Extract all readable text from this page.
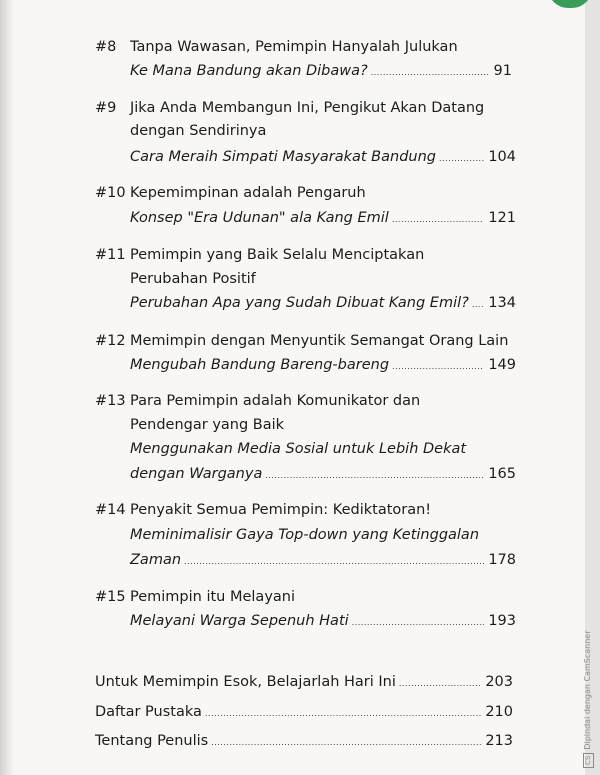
#8 Tanpa Wawasan, Pemimpin Hanyalah Julukan
Ke Mana Bandung akan Dibawa? .....	91
#9 Jika Anda Membangun Ini, Pengikut Akan Datang
dengan Sendirinya
Cara Meraih Simpati Masyarakat Bandung .....	104
#10 Kepemimpinan adalah Pengaruh
Konsep "Era Udunan" ala Kang Emil .....	121
#11 Pemimpin yang Baik Selalu Menciptakan
Perubahan Positif
Perubahan Apa yang Sudah Dibuat Kang Emil? ..... 134
#12 Memimpin dengan Menyuntik Semangat Orang Lain
Mengubah Bandung Bareng-bareng .....	149
#13 Para Pemimpin adalah Komunikator dan
Pendengar yang Baik
Menggunakan Media Sosial untuk Lebih Dekat
dengan Warganya .....	165
#14 Penyakit Semua Pemimpin: Kediktatoran!
Meminimalisir Gaya Top-down yang Ketinggalan
Zaman .....	178
#15 Pemimpin itu Melayani
Melayani Warga Sepenuh Hati .....	193
Untuk Memimpin Esok, Belajarlah Hari Ini .....	203
Daftar Pustaka .....	210
Tentang Penulis .....	213
CSDipindai dengan CamScanner
